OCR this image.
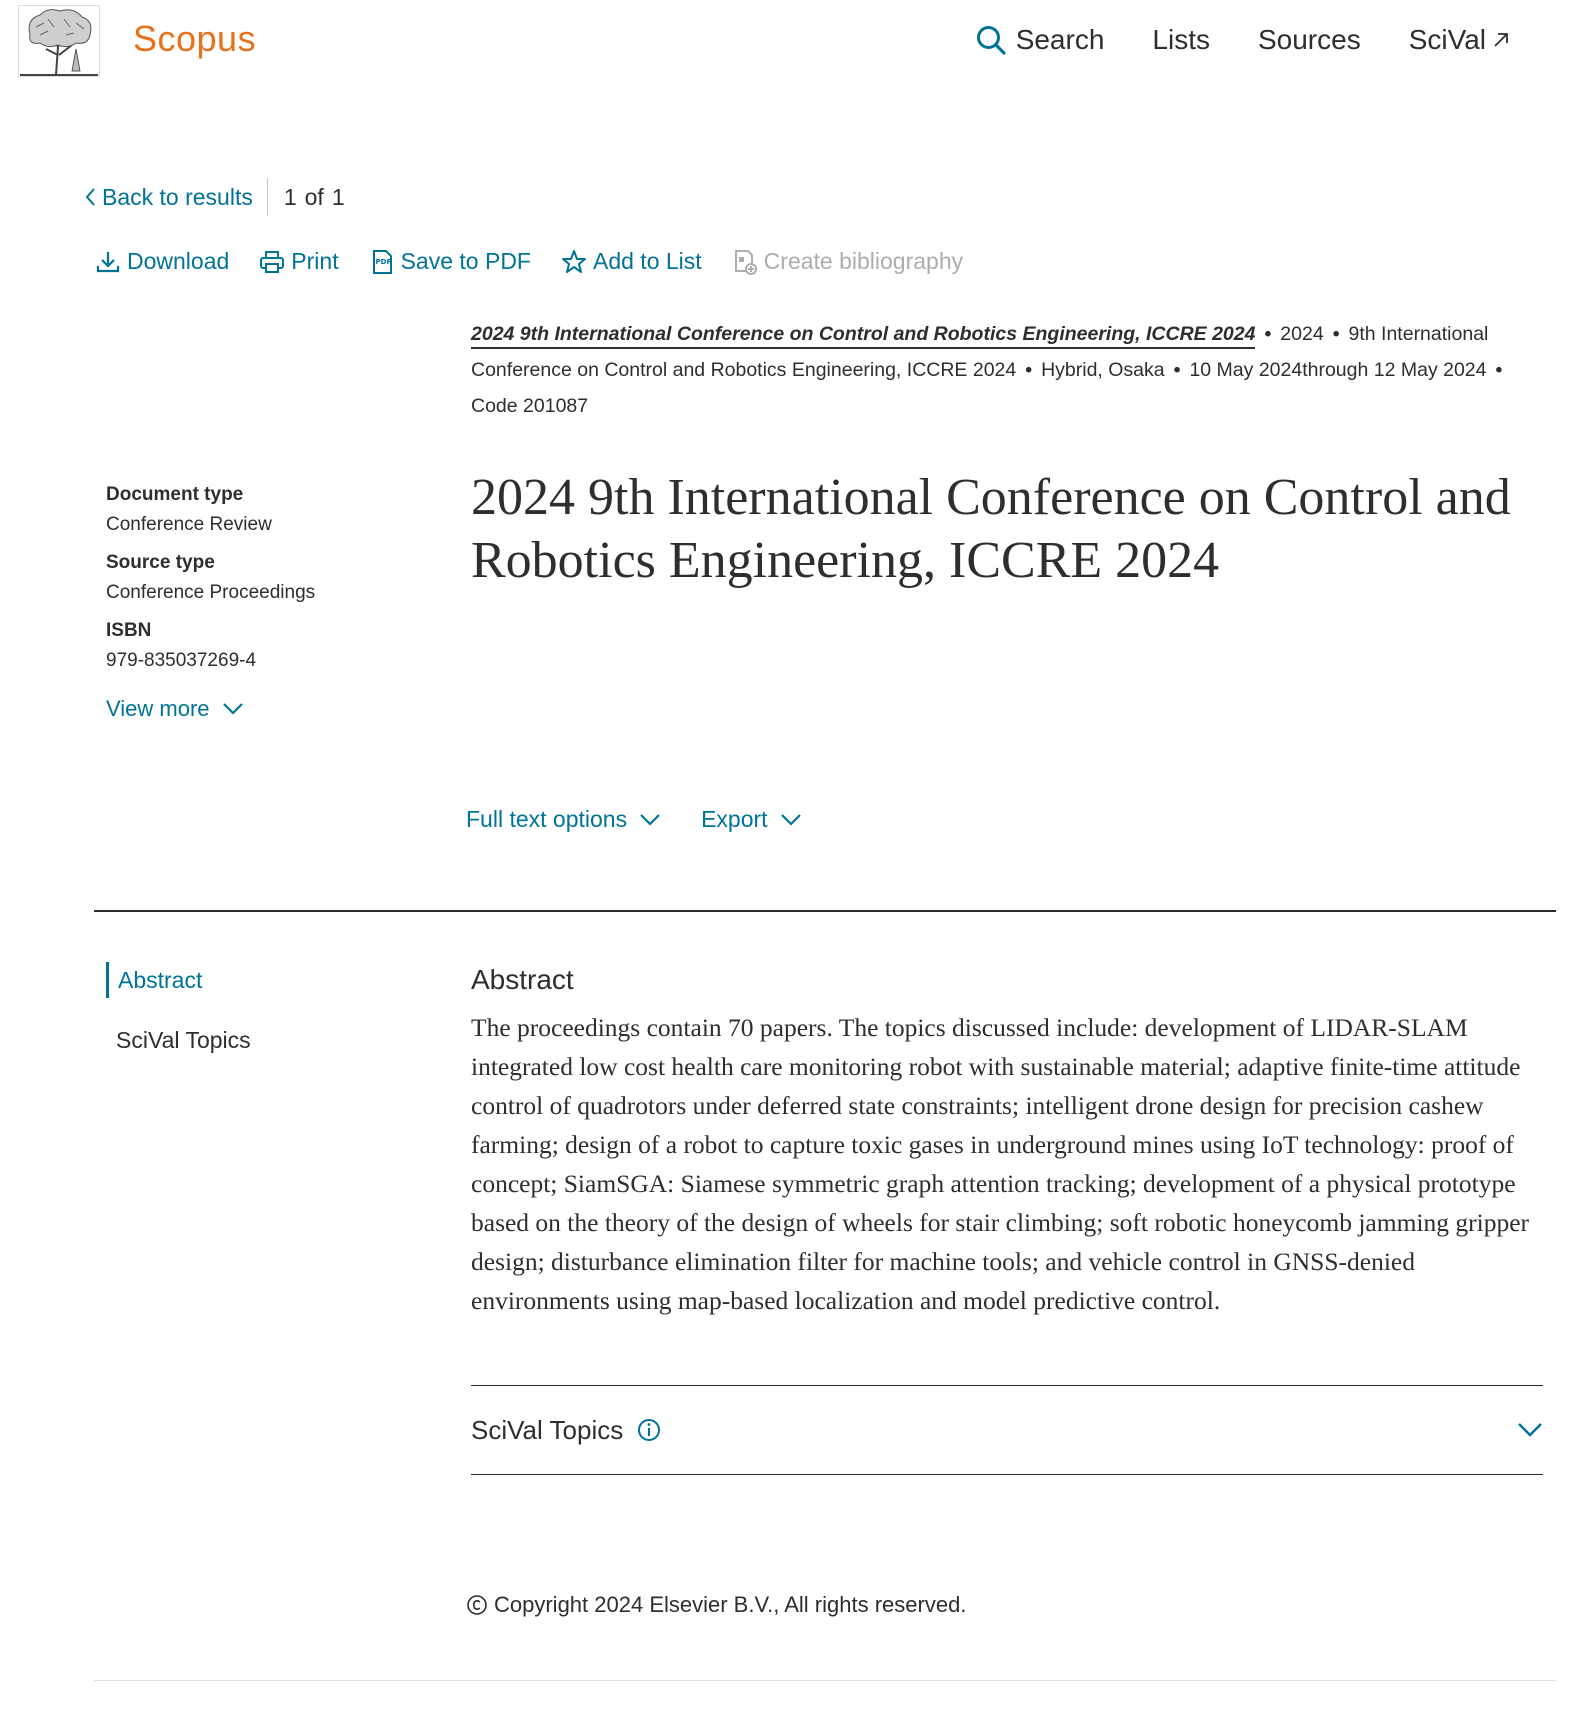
Scopus	Search Lists Sources SciVal
Back to results 1 of 1
Download	Print	PDF Save to PDF	Add to List	Create bibliography
2024 9th International Conference on Control and Robotics Engineering, ICCRE 2024 • 2024 • 9th International Conference on Control and Robotics Engineering, ICCRE 2024 • Hybrid, Osaka • 10 May 2024through 12 May 2024 •Code 201087
Document type
Conference Review
Source type
Conference Proceedings
ISBN
979-835037269-4
View more
2024 9th International Conference on Control and Robotics Engineering, ICCRE 2024
Full text options	Export
Abstract
SciVal Topics
Abstract
The proceedings contain 70 papers. The topics discussed include: development of LIDAR-SLAM integrated low cost health care monitoring robot with sustainable material; adaptive finite-time attitude control of quadrotors under deferred state constraints; intelligent drone design for precision cashew farming; design of a robot to capture toxic gases in underground mines using IoT technology: proof of concept; SiamSGA: Siamese symmetric graph attention tracking; development of a physical prototype based on the theory of the design of wheels for stair climbing; soft robotic honeycomb jamming gripper design; disturbance elimination filter for machine tools; and vehicle control in GNSS-denied environments using map-based localization and model predictive control.
SciVal Topics
Copyright 2024 Elsevier B.V., All rights reserved.
